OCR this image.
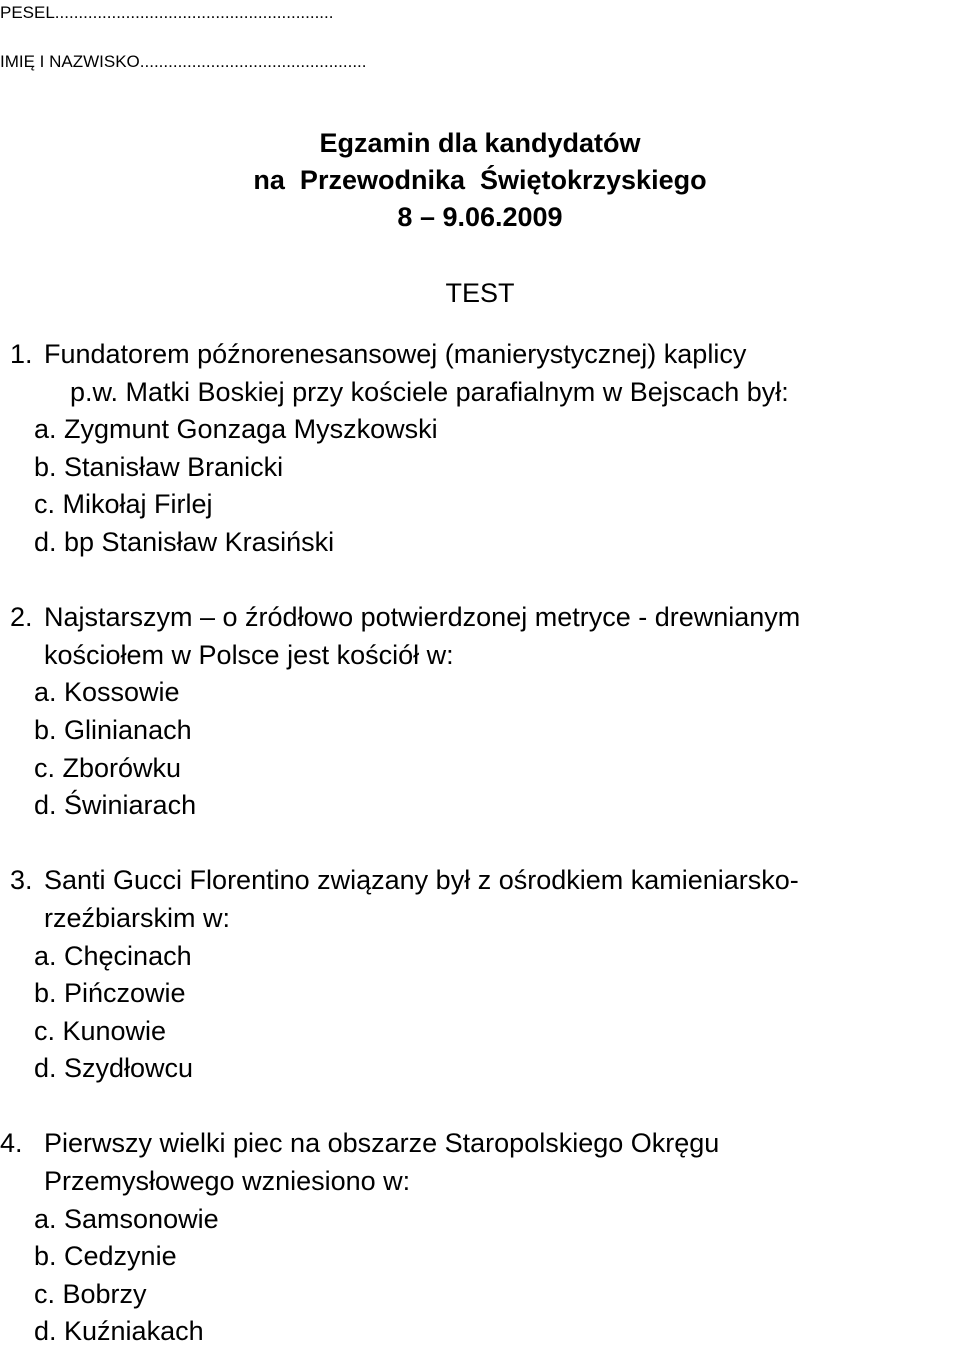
PESEL...........................................................
IMIĘ I NAZWISKO................................................
Egzamin dla kandydatów
na  Przewodnika  Świętokrzyskiego
8 – 9.06.2009
TEST
1. Fundatorem późnorenesansowej (manierystycznej) kaplicy
p.w. Matki Boskiej przy kościele parafialnym w Bejscach był:
a. Zygmunt Gonzaga Myszkowski
b. Stanisław Branicki
c. Mikołaj Firlej
d. bp Stanisław Krasiński
2. Najstarszym – o źródłowo potwierdzonej metryce - drewnianym
kościołem w Polsce jest kościół w:
a. Kossowie
b. Glinianach
c. Zborówku
d. Świniarach
3. Santi Gucci Florentino związany był z ośrodkiem kamieniarsko-
rzeźbiarskim w:
a. Chęcinach
b. Pińczowie
c. Kunowie
d. Szydłowcu
4. Pierwszy wielki piec na obszarze Staropolskiego Okręgu
Przemysłowego wzniesiono w:
a. Samsonowie
b. Cedzynie
c. Bobrzy
d. Kuźniakach
